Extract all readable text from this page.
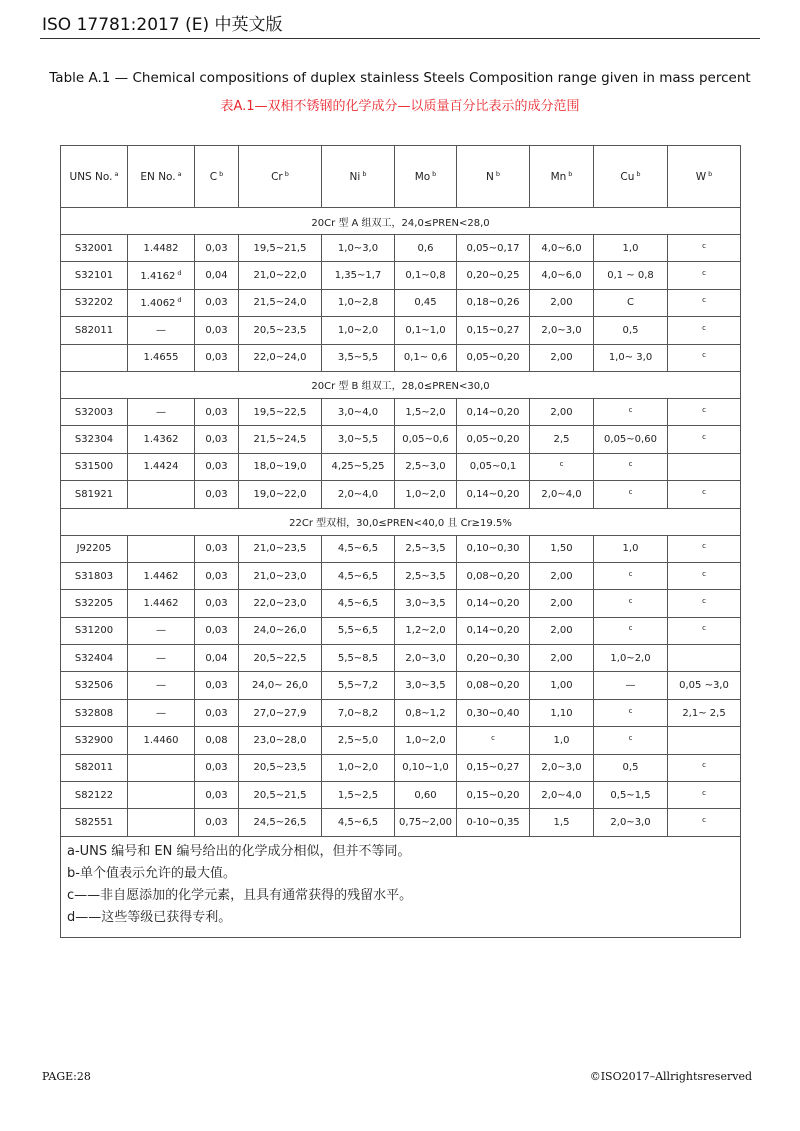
ISO 17781:2017 (E) 中英文版
Table A.1 — Chemical compositions of duplex stainless Steels Composition range given in mass percent
表A.1—双相不锈钢的化学成分—以质量百分比表示的成分范围
UNS No. $^a$	EN No. $^a$	C $^b$	Cr $^b$	Ni $^b$	Mo $^b$	N $^b$	Mn $^b$	Cu $^b$	W $^b$
20Cr 型 A 组双工，24,0≤PREN<28,0									
S32001	1.4482	0,03	19,5~21,5	1,0~3,0	0,6	0,05~0,17	4,0~6,0	1,0	$^c$
S32101	1.4162 $^d$	0,04	21,0~22,0	1,35~1,7	0,1~0,8	0,20~0,25	4,0~6,0	0,1 ~ 0,8	$^c$
S32202	1.4062 $^d$	0,03	21,5~24,0	1,0~2,8	0,45	0,18~0,26	2,00	C	$^c$
S82011	—	0,03	20,5~23,5	1,0~2,0	0,1~1,0	0,15~0,27	2,0~3,0	0,5	$^c$
	1.4655	0,03	22,0~24,0	3,5~5,5	0,1~ 0,6	0,05~0,20	2,00	1,0~ 3,0	$^c$
20Cr 型 B 组双工，28,0≤PREN<30,0									
S32003	—	0,03	19,5~22,5	3,0~4,0	1,5~2,0	0,14~0,20	2,00	$^c$	$^c$
S32304	1.4362	0,03	21,5~24,5	3,0~5,5	0,05~0,6	0,05~0,20	2,5	0,05~0,60	$^c$
S31500	1.4424	0,03	18,0~19,0	4,25~5,25	2,5~3,0	0,05~0,1	$^c$	$^c$	
S81921		0,03	19,0~22,0	2,0~4,0	1,0~2,0	0,14~0,20	2,0~4,0	$^c$	$^c$
22Cr 型双相，30,0≤PREN<40,0 且 Cr≥19.5%									
J92205		0,03	21,0~23,5	4,5~6,5	2,5~3,5	0,10~0,30	1,50	1,0	$^c$
S31803	1.4462	0,03	21,0~23,0	4,5~6,5	2,5~3,5	0,08~0,20	2,00	$^c$	$^c$
S32205	1.4462	0,03	22,0~23,0	4,5~6,5	3,0~3,5	0,14~0,20	2,00	$^c$	$^c$
S31200	—	0,03	24,0~26,0	5,5~6,5	1,2~2,0	0,14~0,20	2,00	$^c$	$^c$
S32404	—	0,04	20,5~22,5	5,5~8,5	2,0~3,0	0,20~0,30	2,00	1,0~2,0	
S32506	—	0,03	24,0~ 26,0	5,5~7,2	3,0~3,5	0,08~0,20	1,00	—	0,05 ~3,0
S32808	—	0,03	27,0~27,9	7,0~8,2	0,8~1,2	0,30~0,40	1,10	$^c$	2,1~ 2,5
S32900	1.4460	0,08	23,0~28,0	2,5~5,0	1,0~2,0	$^c$	1,0	$^c$	
S82011		0,03	20,5~23,5	1,0~2,0	0,10~1,0	0,15~0,27	2,0~3,0	0,5	$^c$
S82122		0,03	20,5~21,5	1,5~2,5	0,60	0,15~0,20	2,0~4,0	0,5~1,5	$^c$
S82551		0,03	24,5~26,5	4,5~6,5	0,75~2,00	0-10~0,35	1,5	2,0~3,0	$^c$

a-UNS 编号和 EN 编号给出的化学成分相似，但并不等同。
b-单个值表示允许的最大值。
c——非自愿添加的化学元素，且具有通常获得的残留水平。
d——这些等级已获得专利。									
PAGE:28	©ISO2017–Allrightsreserved
